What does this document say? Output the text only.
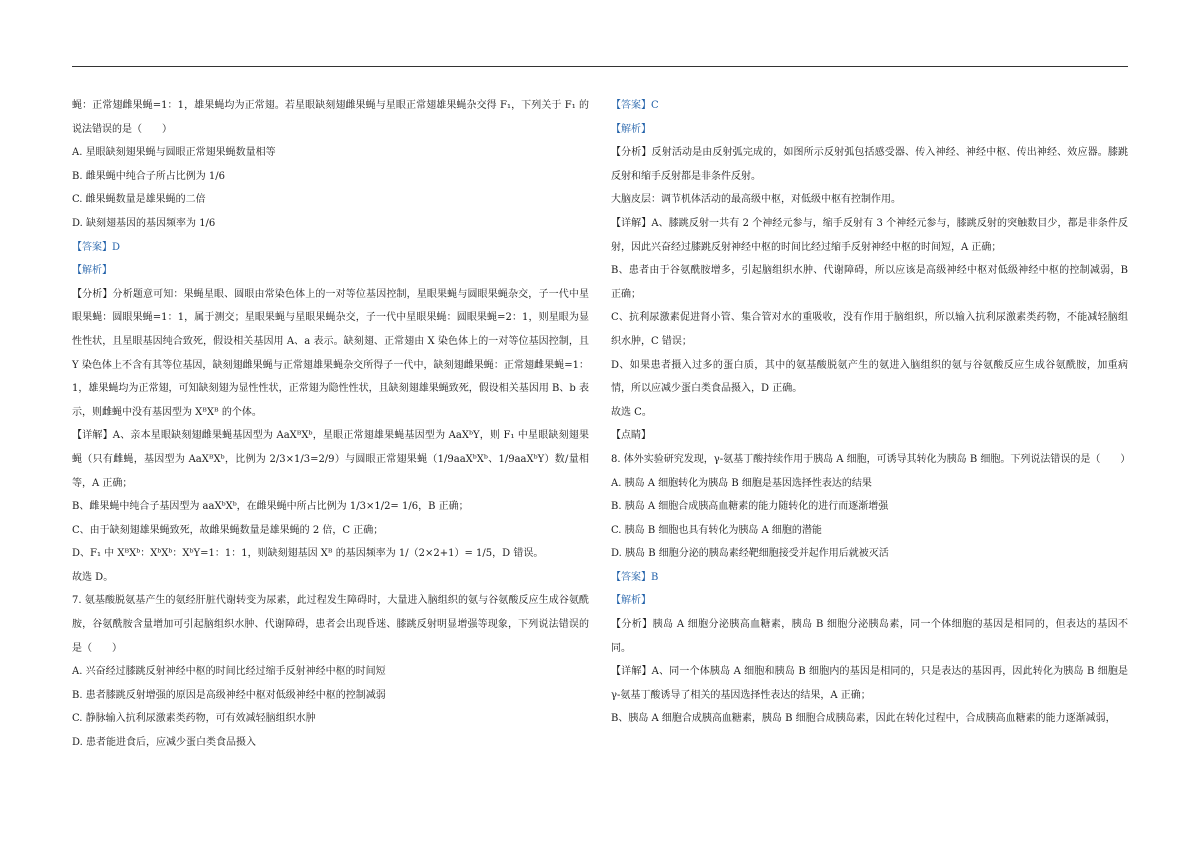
蝇：正常翅雌果蝇=1：1，雄果蝇均为正常翅。若星眼缺刻翅雌果蝇与星眼正常翅雄果蝇杂交得 F₁，下列关于 F₁ 的说法错误的是（　　）

A. 星眼缺刻翅果蝇与圆眼正常翅果蝇数量相等

B. 雌果蝇中纯合子所占比例为 1/6

C. 雌果蝇数量是雄果蝇的二倍

D. 缺刻翅基因的基因频率为 1/6

【答案】D

【解析】

【分析】分析题意可知：果蝇星眼、圆眼由常染色体上的一对等位基因控制，星眼果蝇与圆眼果蝇杂交，子一代中星眼果蝇：圆眼果蝇=1：1，属于测交；星眼果蝇与星眼果蝇杂交，子一代中星眼果蝇：圆眼果蝇=2：1，则星眼为显性性状，且星眼基因纯合致死，假设相关基因用 A、a 表示。缺刻翅、正常翅由 X 染色体上的一对等位基因控制，且 Y 染色体上不含有其等位基因，缺刻翅雌果蝇与正常翅雄果蝇杂交所得子一代中，缺刻翅雌果蝇：正常翅雌果蝇=1：1，雄果蝇均为正常翅，可知缺刻翅为显性性状，正常翅为隐性性状，且缺刻翅雄果蝇致死，假设相关基因用 B、b 表示，则雌蝇中没有基因型为 XᴮXᴮ 的个体。

【详解】A、亲本星眼缺刻翅雌果蝇基因型为 AaXᴮXᵇ，星眼正常翅雄果蝇基因型为 AaXᵇY，则 F₁ 中星眼缺刻翅果蝇（只有雌蝇，基因型为 AaXᴮXᵇ，比例为 2/3×1/3=2/9）与圆眼正常翅果蝇（1/9aaXᵇXᵇ、1/9aaXᵇY）数/量相等，A 正确；

B、雌果蝇中纯合子基因型为 aaXᵇXᵇ，在雌果蝇中所占比例为 1/3×1/2= 1/6，B 正确；

C、由于缺刻翅雄果蝇致死，故雌果蝇数量是雄果蝇的 2 倍，C 正确；

D、F₁ 中 XᴮXᵇ：XᵇXᵇ：XᵇY=1：1：1，则缺刻翅基因 Xᴮ 的基因频率为 1/（2×2+1）= 1/5，D 错误。

故选 D。

7. 氨基酸脱氨基产生的氨经肝脏代谢转变为尿素，此过程发生障碍时，大量进入脑组织的氨与谷氨酸反应生成谷氨酰胺，谷氨酰胺含量增加可引起脑组织水肿、代谢障碍，患者会出现昏迷、膝跳反射明显增强等现象，下列说法错误的是（　　）

A. 兴奋经过膝跳反射神经中枢的时间比经过缩手反射神经中枢的时间短

B. 患者膝跳反射增强的原因是高级神经中枢对低级神经中枢的控制减弱

C. 静脉输入抗利尿激素类药物，可有效减轻脑组织水肿

D. 患者能进食后，应减少蛋白类食品摄入

【答案】C

【解析】

【分析】反射活动是由反射弧完成的，如图所示反射弧包括感受器、传入神经、神经中枢、传出神经、效应器。膝跳反射和缩手反射都是非条件反射。

大脑皮层：调节机体活动的最高级中枢，对低级中枢有控制作用。

【详解】A、膝跳反射一共有 2 个神经元参与，缩手反射有 3 个神经元参与，膝跳反射的突触数目少，都是非条件反射，因此兴奋经过膝跳反射神经中枢的时间比经过缩手反射神经中枢的时间短，A 正确；

B、患者由于谷氨酰胺增多，引起脑组织水肿、代谢障碍，所以应该是高级神经中枢对低级神经中枢的控制减弱，B 正确；

C、抗利尿激素促进肾小管、集合管对水的重吸收，没有作用于脑组织，所以输入抗利尿激素类药物，不能减轻脑组织水肿，C 错误；

D、如果患者摄入过多的蛋白质，其中的氨基酸脱氨产生的氨进入脑组织的氨与谷氨酸反应生成谷氨酰胺，加重病情，所以应减少蛋白类食品摄入，D 正确。

故选 C。

【点睛】

8. 体外实验研究发现，γ-氨基丁酸持续作用于胰岛 A 细胞，可诱导其转化为胰岛 B 细胞。下列说法错误的是（　　）

A. 胰岛 A 细胞转化为胰岛 B 细胞是基因选择性表达的结果

B. 胰岛 A 细胞合成胰高血糖素的能力随转化的进行而逐渐增强

C. 胰岛 B 细胞也具有转化为胰岛 A 细胞的潜能

D. 胰岛 B 细胞分泌的胰岛素经靶细胞接受并起作用后就被灭活

【答案】B

【解析】

【分析】胰岛 A 细胞分泌胰高血糖素，胰岛 B 细胞分泌胰岛素，同一个体细胞的基因是相同的，但表达的基因不同。

【详解】A、同一个体胰岛 A 细胞和胰岛 B 细胞内的基因是相同的，只是表达的基因再，因此转化为胰岛 B 细胞是 γ-氨基丁酸诱导了相关的基因选择性表达的结果，A 正确；

B、胰岛 A 细胞合成胰高血糖素，胰岛 B 细胞合成胰岛素，因此在转化过程中，合成胰高血糖素的能力逐渐减弱，
